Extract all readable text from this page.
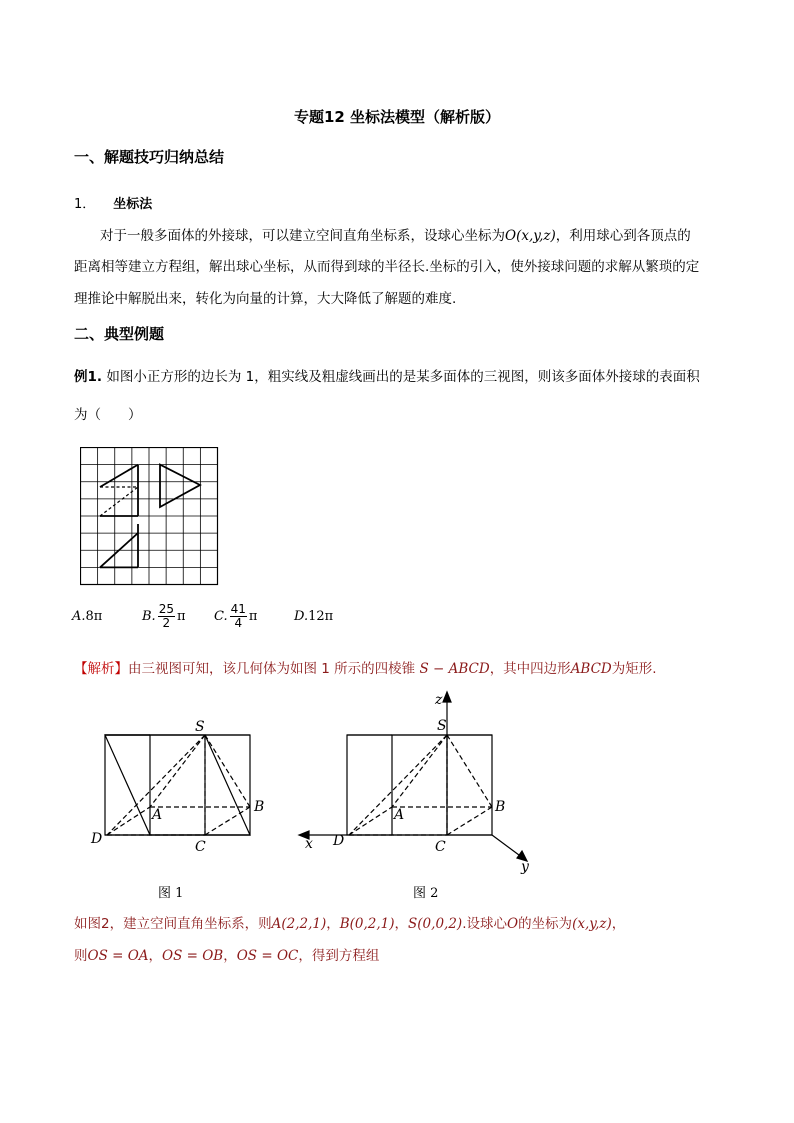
专题12 坐标法模型（解析版）
一、解题技巧归纳总结
1． 坐标法
对于一般多面体的外接球，可以建立空间直角坐标系，设球心坐标为O(x,y,z)，利用球心到各顶点的
距离相等建立方程组，解出球心坐标，从而得到球的半径长.坐标的引入，使外接球问题的求解从繁琐的定
理推论中解脱出来，转化为向量的计算，大大降低了解题的难度.
二、典型例题
例1. 如图小正方形的边长为 1，粗实线及粗虚线画出的是某多面体的三视图，则该多面体外接球的表面积
为（　　）
A.8π	B. $\frac{25}{2}$ π C. $\frac{41}{4}$ π	D.12π
【解析】由三视图可知，该几何体为如图 1 所示的四棱锥 S − ABCD，其中四边形ABCD为矩形.
S
A	B
C
D
图 1
z
S
A	B
C
D
x
y
图 2
如图2，建立空间直角坐标系，则A(2,2,1)，B(0,2,1)，S(0,0,2).设球心O的坐标为(x,y,z)，
则OS = OA，OS = OB，OS = OC，得到方程组
